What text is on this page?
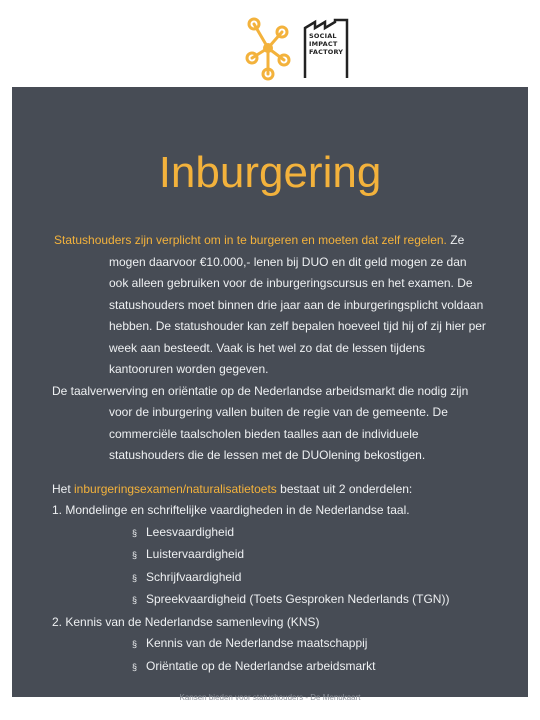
SOCIAL
IMPACT
FACTORY
Inburgering

Statushouders zijn verplicht om in te burgeren en moeten dat zelf regelen. Ze mogen daarvoor €10.000,- lenen bij DUO en dit geld mogen ze dan ook alleen gebruiken voor de inburgeringscursus en het examen. De statushouders moet binnen drie jaar aan de inburgeringsplicht voldaan hebben. De statushouder kan zelf bepalen hoeveel tijd hij of zij hier per week aan besteedt. Vaak is het wel zo dat de lessen tijdens kantooruren worden gegeven.

De taalverwerving en oriëntatie op de Nederlandse arbeidsmarkt die nodig zijn voor de inburgering vallen buiten de regie van de gemeente. De commerciële taalscholen bieden taalles aan de individuele statushouders die de lessen met de DUOlening bekostigen.

Het inburgeringsexamen/naturalisatietoets bestaat uit 2 onderdelen:

1. Mondelinge en schriftelijke vaardigheden in de Nederlandse taal.

§ Leesvaardigheid
§ Luistervaardigheid
§ Schrijfvaardigheid
§ Spreekvaardigheid (Toets Gesproken Nederlands (TGN))

2. Kennis van de Nederlandse samenleving (KNS)

§ Kennis van de Nederlandse maatschappij
§ Oriëntatie op de Nederlandse arbeidsmarkt
Kansen bieden voor statushouders - De Menukaart
